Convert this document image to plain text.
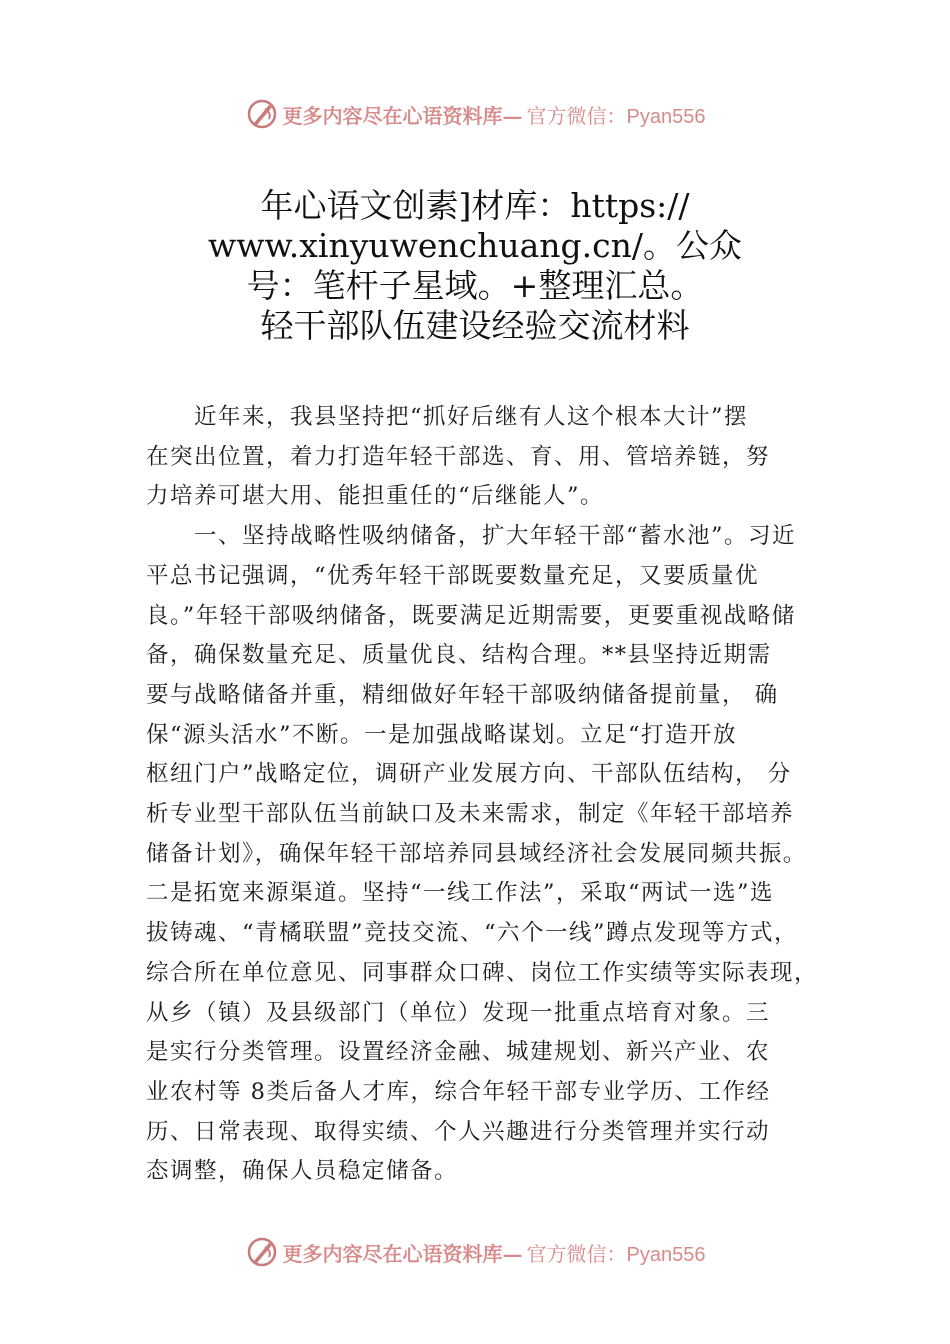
更多内容尽在心语资料库— 官方微信：Pyan556
年心语文创素]材库：https://
www.xinyuwenchuang.cn/。公众
号：笔杆子星域。+整理汇总。
轻干部队伍建设经验交流材料
近年来，我县坚持把“抓好后继有人这个根本大计”摆
在突出位置，着力打造年轻干部选、育、用、管培养链，努
力培养可堪大用、能担重任的“后继能人”。
一、坚持战略性吸纳储备，扩大年轻干部“蓄水池”。习近
平总书记强调，“优秀年轻干部既要数量充足，又要质量优
良。”年轻干部吸纳储备，既要满足近期需要，更要重视战略储
备，确保数量充足、质量优良、结构合理。**县坚持近期需
要与战略储备并重，精细做好年轻干部吸纳储备提前量， 确
保“源头活水”不断。一是加强战略谋划。立足“打造开放
枢纽门户”战略定位，调研产业发展方向、干部队伍结构， 分
析专业型干部队伍当前缺口及未来需求，制定《年轻干部培养
储备计划》，确保年轻干部培养同县域经济社会发展同频共振。
二是拓宽来源渠道。坚持“一线工作法”，采取“两试一选”选
拔铸魂、“青橘联盟”竞技交流、“六个一线”蹲点发现等方式，
综合所在单位意见、同事群众口碑、岗位工作实绩等实际表现，
从乡（镇）及县级部门（单位）发现一批重点培育对象。三
是实行分类管理。设置经济金融、城建规划、新兴产业、农
业农村等 8类后备人才库，综合年轻干部专业学历、工作经
历、日常表现、取得实绩、个人兴趣进行分类管理并实行动
态调整，确保人员稳定储备。
更多内容尽在心语资料库— 官方微信：Pyan556
